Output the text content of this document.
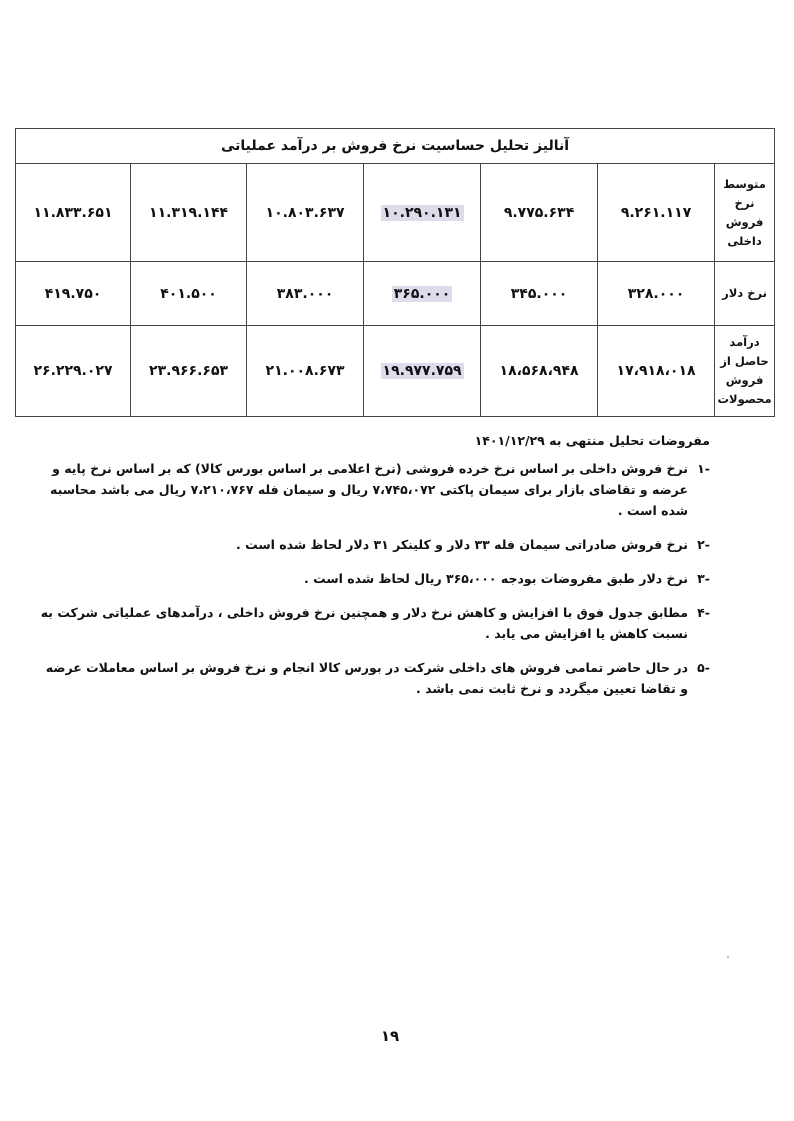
آنالیز تحلیل حساسیت نرخ فروش بر درآمد عملیاتی						
متوسط نرخ فروش داخلی	۹.۲۶۱.۱۱۷	۹.۷۷۵.۶۳۴	۱۰.۲۹۰.۱۳۱	۱۰.۸۰۳.۶۳۷	۱۱.۳۱۹.۱۴۴	۱۱.۸۳۳.۶۵۱
نرخ دلار	۳۲۸.۰۰۰	۳۴۵.۰۰۰	۳۶۵.۰۰۰	۳۸۳.۰۰۰	۴۰۱.۵۰۰	۴۱۹.۷۵۰
درآمد حاصل از فروش محصولات	۱۷،۹۱۸،۰۱۸	۱۸،۵۶۸،۹۴۸	۱۹.۹۷۷.۷۵۹	۲۱.۰۰۸.۶۷۳	۲۳.۹۶۶.۶۵۳	۲۶.۲۲۹.۰۲۷
مفروضات تحلیل منتهی به ۱۴۰۱/۱۲/۲۹
-۱
نرخ فروش داخلی بر اساس نرخ خرده فروشی (نرخ اعلامی بر اساس بورس کالا) که بر اساس نرخ پایه و عرضه و تقاضای بازار برای سیمان پاکتی ۷،۷۴۵،۰۷۲ ریال و سیمان فله ۷،۲۱۰،۷۶۷ ریال می باشد محاسبه شده است .
-۲
نرخ فروش صادراتی سیمان فله ۳۳ دلار و کلینکر ۳۱ دلار لحاظ شده است .
-۳
نرخ دلار طبق مفروضات بودجه ۳۶۵،۰۰۰ ریال لحاظ شده است .
-۴
مطابق جدول فوق با افزایش و کاهش نرخ دلار و همچنین نرخ فروش داخلی ، درآمدهای عملیاتی شرکت به نسبت کاهش یا افزایش می یابد .
-۵
در حال حاضر تمامی فروش های داخلی شرکت در بورس کالا انجام و نرخ فروش بر اساس معاملات عرضه و تقاضا تعیین میگردد و نرخ ثابت نمی باشد .
۱۹
